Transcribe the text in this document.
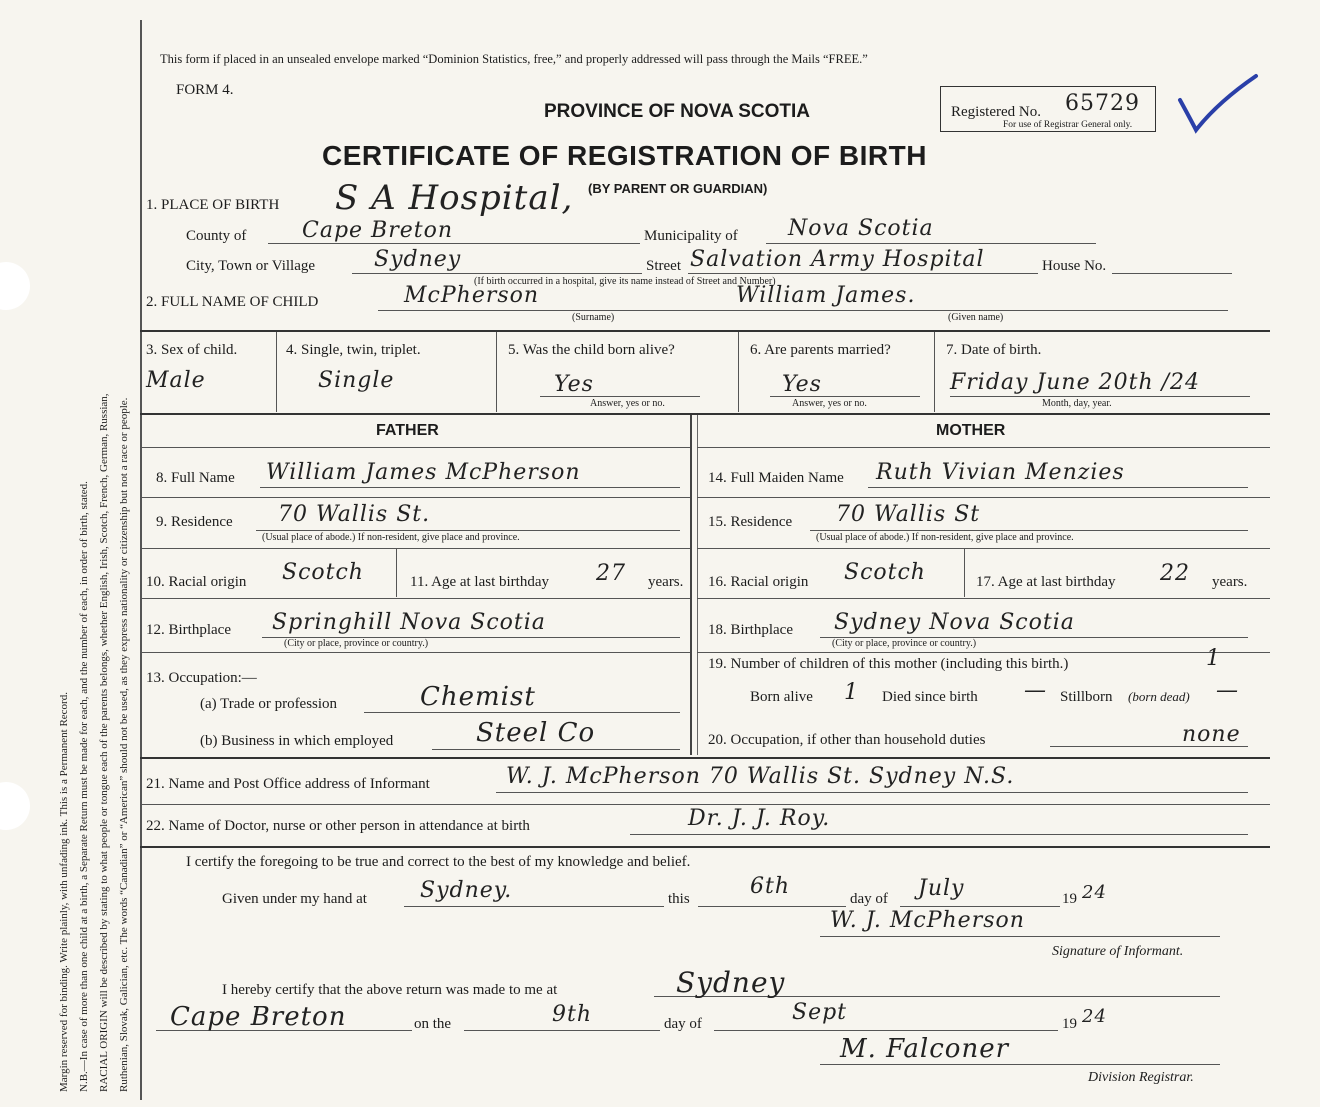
Margin reserved for binding. Write plainly, with unfading ink. This is a Permanent Record. N.B.—In case of more than one child at a birth, a Separate Return must be made for each, and the number of each, in order of birth, stated. RACIAL ORIGIN will be described by stating to what people or tongue each of the parents belongs, whether English, Irish, Scotch, French, German, Russian, Ruthenian, Slovak, Galician, etc. The words “Canadian” or “American” should not be used, as they express nationality or citizenship but not a race or people.
This form if placed in an unsealed envelope marked “Dominion Statistics, free,” and properly addressed will pass through the Mails “FREE.”
FORM 4.
PROVINCE OF NOVA SCOTIA	Registered No. 65729
For use of Registrar General only.
CERTIFICATE OF REGISTRATION OF BIRTH
(BY PARENT OR GUARDIAN)
1. PLACE OF BIRTH S A Hospital,
County of	Cape Breton	Municipality of Nova Scotia
City, Town or Village	Sydney	Street Salvation Army Hospital	House No.
(If birth occurred in a hospital, give its name instead of Street and Number)
2. FULL NAME OF CHILD	McPherson
(Surname)
William James.
(Given name)
3. Sex of child.
Male
4. Single, twin, triplet.
Single
5. Was the child born alive?
Yes
Answer, yes or no.
6. Are parents married?
Yes
Answer, yes or no.
7. Date of birth.
Friday June 20th /24
Month, day, year.
FATHER
8. Full Name William James McPherson
9. Residence 70 Wallis St.
(Usual place of abode.) If non-resident, give place and province.
10. Racial origin Scotch	11. Age at last birthday 27 years.
12. Birthplace Springhill Nova Scotia
(City or place, province or country.)
13. Occupation:—
(a) Trade or profession	Chemist
(b) Business in which employed	Steel Co
MOTHER
14. Full Maiden Name Ruth Vivian Menzies
15. Residence 70 Wallis St
(Usual place of abode.) If non-resident, give place and province.
16. Racial origin Scotch	17. Age at last birthday 22 years.
18. Birthplace Sydney Nova Scotia
(City or place, province or country.)
19. Number of children of this mother (including this birth.)	1
Born alive 1 Died since birth — Stillborn (born dead) —
20. Occupation, if other than household duties	none
21. Name and Post Office address of Informant	W. J. McPherson 70 Wallis St. Sydney N.S.
22. Name of Doctor, nurse or other person in attendance at birth	Dr. J. J. Roy.
I certify the foregoing to be true and correct to the best of my knowledge and belief.
Given under my hand at Sydney.	this	6th	day of July	19 24
W. J. McPherson
Signature of Informant.
I hereby certify that the above return was made to me at	Sydney
Cape Breton	on the	9th	day of	Sept	19 24
M. Falconer
Division Registrar.
